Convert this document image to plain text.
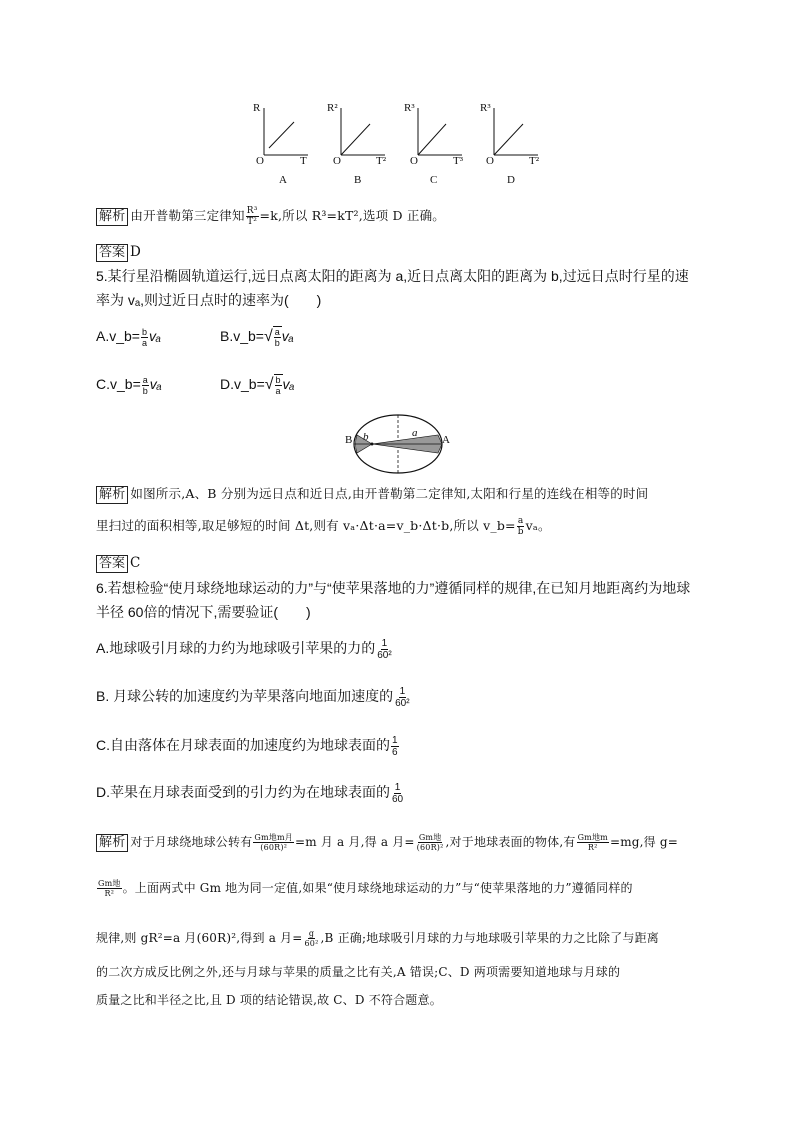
R	R²	R³	R³
O	O	O	O
T	T²	T³	T²
A	B	C	D
解析 由开普勒第三定律知 $\frac{\text{R³}}{\text{T²}} =k$,所以 R³=kT²,选项 D 正确。
答案 D
5.某行星沿椭圆轨道运行,远日点离太阳的距离为 a,近日点离太阳的距离为 b,过远日点时行星的速
率为 vₐ,则过近日点时的速率为(　　)
A.v_b= $\frac{b}{a}$ vₐ	B.v_b= √ $\frac{a}{b}$ vₐ
C.v_b= $\frac{a}{b}$ vₐ	D.v_b= √ $\frac{b}{a}$ vₐ
B b	a
A
解析 如图所示,A、B 分别为远日点和近日点,由开普勒第二定律知,太阳和行星的连线在相等的时间
里扫过的面积相等,取足够短的时间 Δt,则有 vₐ·Δt·a=v_b·Δt·b,所以 v_b= $\frac{a}{b}$ vₐ。
答案 C
6.若想检验“使月球绕地球运动的力”与“使苹果落地的力”遵循同样的规律,在已知月地距离约为地球
半径 60倍的情况下,需要验证(　　)
A.地球吸引月球的力约为地球吸引苹果的力的 $\frac{1}{\text{60²}}$
B. 月球公转的加速度约为苹果落向地面加速度的 $\frac{1}{\text{60²}}$
C.自由落体在月球表面的加速度约为地球表面的 $\frac{1}{6}$
D.苹果在月球表面受到的引力约为在地球表面的 $\frac{1}{60}$
解析 对于月球绕地球公转有 $\frac{\text{Gm地m月}}{\text{(60R)²}} =m$ 月 a 月,得 a 月= $\frac{\text{Gm地}}{\text{(60R)²}}$ ,对于地球表面的物体,有 $\frac{\text{Gm地m}}{\text{R²}} =mg$,得 g=
$\frac{\text{Gm地}}{\text{R²}}$ 。上面两式中 Gm 地为同一定值,如果“使月球绕地球运动的力”与“使苹果落地的力”遵循同样的
规律,则 gR²=a 月(60R)²,得到 a 月= $\frac{g}{\text{60²}} ,B$ 正确;地球吸引月球的力与地球吸引苹果的力之比除了与距离
的二次方成反比例之外,还与月球与苹果的质量之比有关,A 错误;C、D 两项需要知道地球与月球的
质量之比和半径之比,且 D 项的结论错误,故 C、D 不符合题意。
